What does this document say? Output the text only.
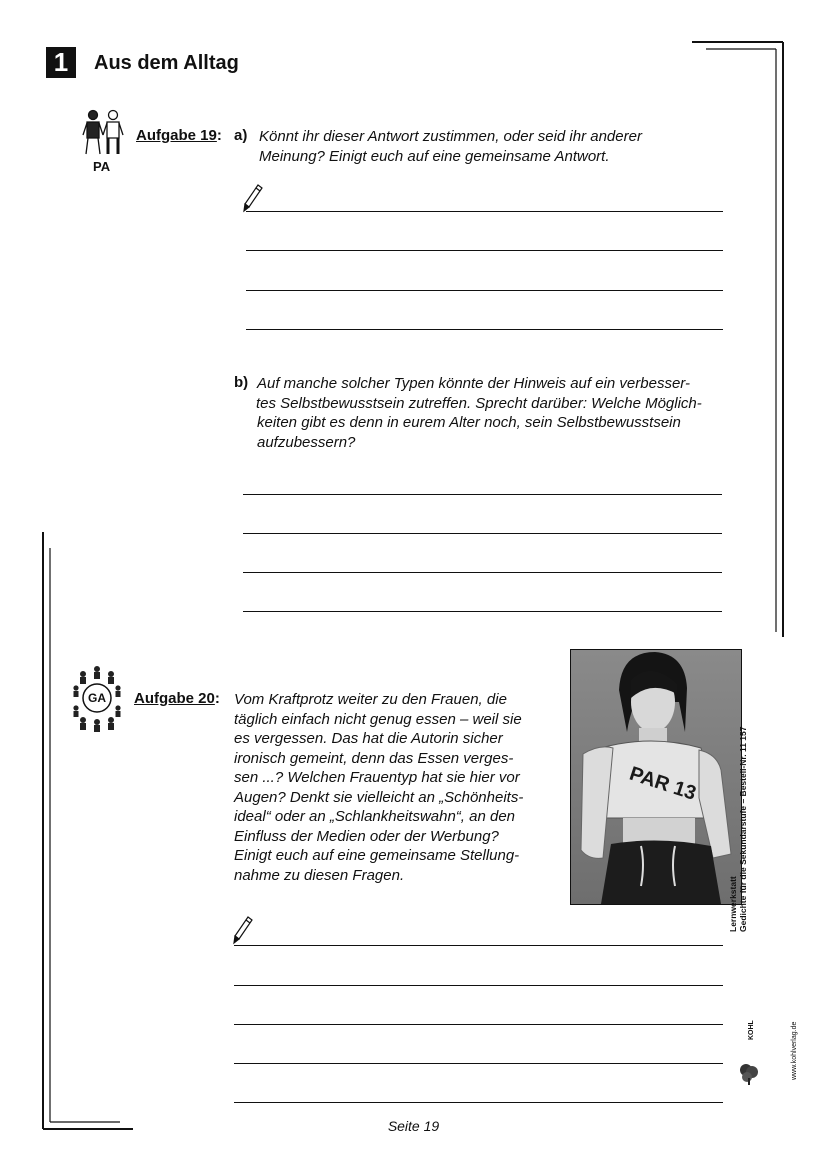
1	Aus dem Alltag
PA
Aufgabe 19: a) Könnt ihr dieser Antwort zustimmen, oder seid ihr anderer
Meinung? Einigt euch auf eine gemeinsame Antwort.
b) Auf manche solcher Typen könnte der Hinweis auf ein verbesser-
tes Selbstbewusstsein zutreffen. Sprecht darüber: Welche Möglich-
keiten gibt es denn in eurem Alter noch, sein Selbstbewusstsein
aufzubessern?
GA Aufgabe 20: Vom Kraftprotz weiter zu den Frauen, die
täglich einfach nicht genug essen – weil sie
es vergessen. Das hat die Autorin sicher
ironisch gemeint, denn das Essen verges-
sen ...? Welchen Frauentyp hat sie hier vor
Augen? Denkt sie vielleicht an „Schönheits-
ideal“ oder an „Schlankheitswahn“, an den
Einfluss der Medien oder der Werbung?
Einigt euch auf eine gemeinsame Stellung-
nahme zu diesen Fragen.
PAR 13
Seite 19
Lernwerkstatt Gedichte für die Sekundarstufe – Bestell-Nr. 11 157
KOHL	www.kohlverlag.de
